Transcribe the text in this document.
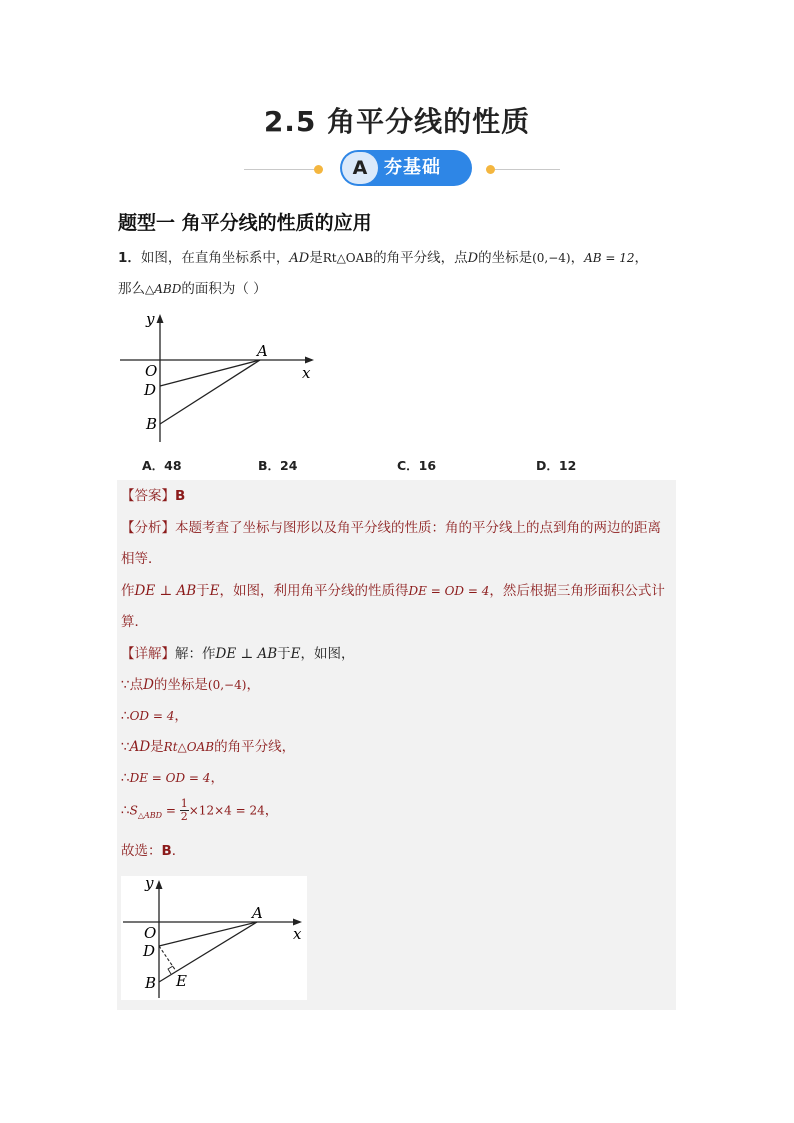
2.5 角平分线的性质
A 夯基础
题型一 角平分线的性质的应用
1．如图，在直角坐标系中，AD是Rt△OAB的角平分线，点D的坐标是(0,−4)，AB = 12，
那么△ABD的面积为（ ）
y
x
O
A
D
B
A．48	B．24	C．16	D．12
【答案】B
【分析】本题考查了坐标与图形以及角平分线的性质：角的平分线上的点到角的两边的距离
相等．
作DE ⊥ AB于E，如图，利用角平分线的性质得DE = OD = 4，然后根据三角形面积公式计
算．
【详解】解：作DE ⊥ AB于E，如图，
∵点D的坐标是(0,−4)，
∴OD = 4，
∵AD是Rt△OAB的角平分线，
∴DE = OD = 4，
$\therefore S_{\triangle ABD} = \frac{1}{2} \times 12\times 4 = 24$，
故选：B．
y
x
O
A
D
B E
